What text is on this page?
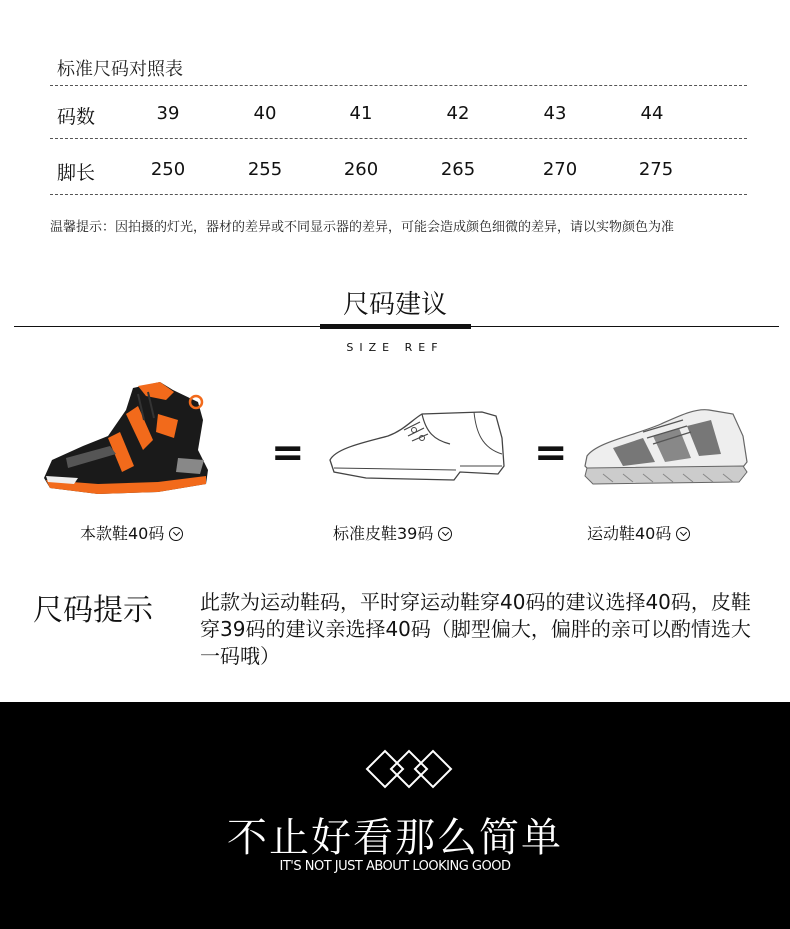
标准尺码对照表
码数	39	40	41	42	43	44
脚长	250	255	260	265	270	275
温馨提示：因拍摄的灯光，器材的差异或不同显示器的差异，可能会造成颜色细微的差异，请以实物颜色为准
尺码建议
SIZE REF
=	=
本款鞋40码	标准皮鞋39码	运动鞋40码
尺码提示 此款为运动鞋码，平时穿运动鞋穿40码的建议选择40码，皮鞋穿39码的建议亲选择40码（脚型偏大，偏胖的亲可以酌情选大一码哦）
不止好看那么简单
IT'S NOT JUST ABOUT LOOKING GOOD
